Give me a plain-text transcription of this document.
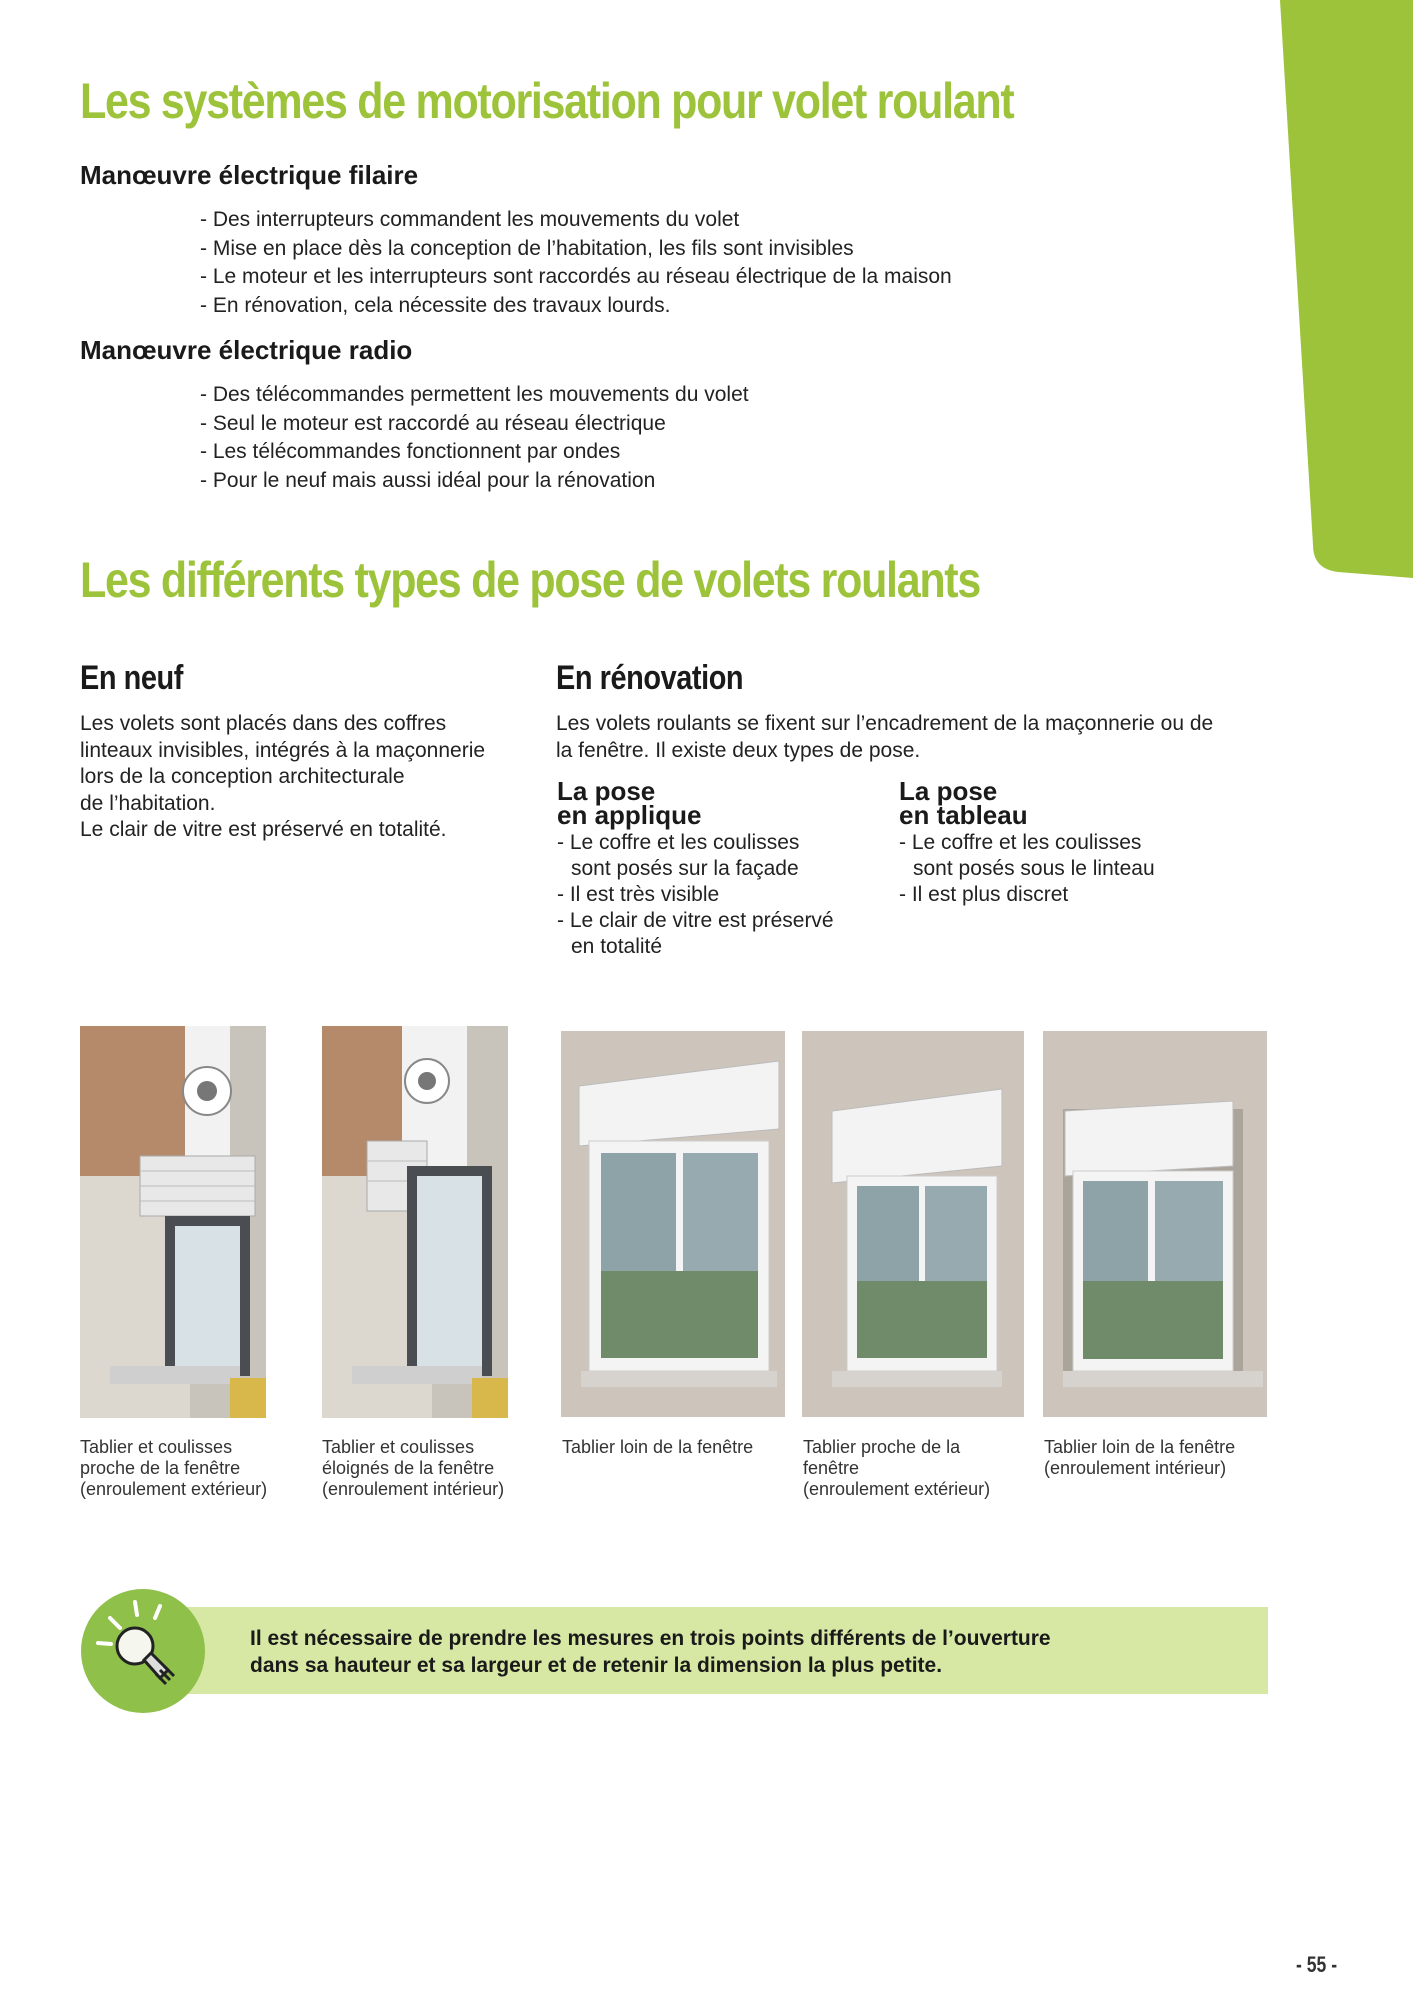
Les systèmes de motorisation pour volet roulant
Manœuvre électrique filaire
- Des interrupteurs commandent les mouvements du volet
- Mise en place dès la conception de l’habitation, les fils sont invisibles
- Le moteur et les interrupteurs sont raccordés au réseau électrique de la maison
- En rénovation, cela nécessite des travaux lourds.
Manœuvre électrique radio
- Des télécommandes permettent les mouvements du volet
- Seul le moteur est raccordé au réseau électrique
- Les télécommandes fonctionnent par ondes
- Pour le neuf mais aussi idéal pour la rénovation
Les différents types de pose de volets roulants
En neuf

Les volets sont placés dans des coffres
linteaux invisibles, intégrés à la maçonnerie
lors de la conception architecturale
de l’habitation.
Le clair de vitre est préservé en totalité.

En rénovation

Les volets roulants se fixent sur l’encadrement de la maçonnerie ou de
la fenêtre. Il existe deux types de pose.

La pose
en applique
- Le coffre et les coulisses
sont posés sur la façade
- Il est très visible
- Le clair de vitre est préservé
en totalité
La pose
en tableau
- Le coffre et les coulisses
sont posés sous le linteau
- Il est plus discret

Tablier et coulisses
proche de la fenêtre
(enroulement extérieur)

Tablier et coulisses
éloignés de la fenêtre
(enroulement intérieur)

Tablier loin de la fenêtre	Tablier proche de la
fenêtre
(enroulement extérieur)

Tablier loin de la fenêtre
(enroulement intérieur)

Il est nécessaire de prendre les mesures en trois points différents de l’ouverture
dans sa hauteur et sa largeur et de retenir la dimension la plus petite.

- 55 -
